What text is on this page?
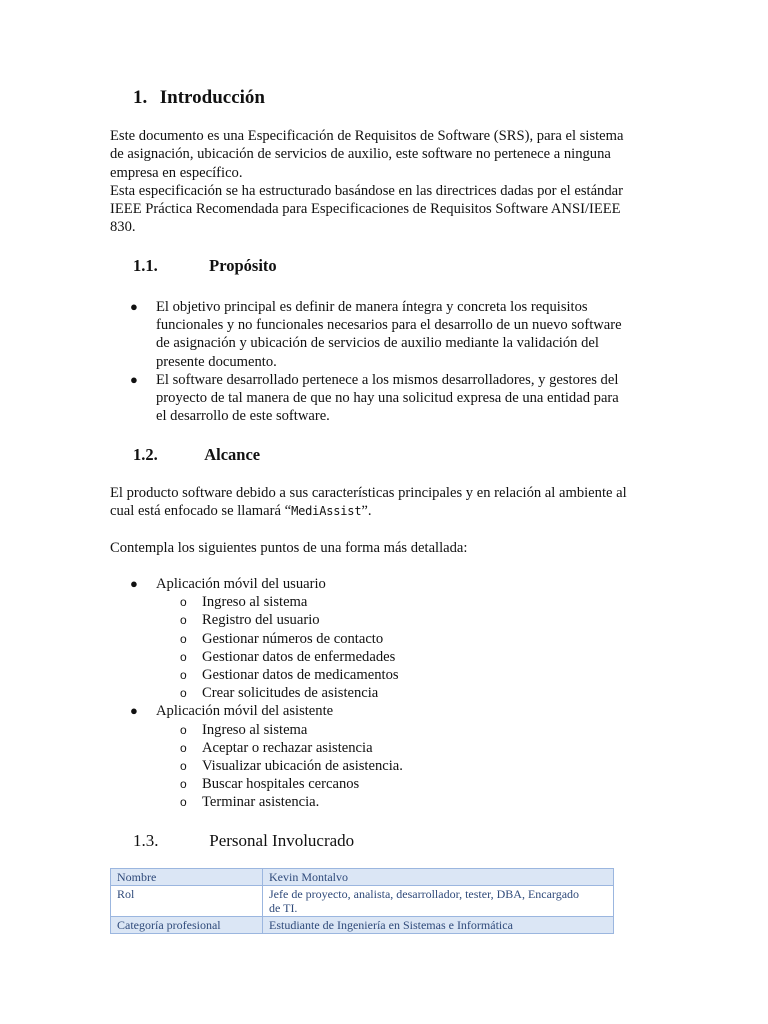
1. Introducción

Este documento es una Especificación de Requisitos de Software (SRS), para el sistema
de asignación, ubicación de servicios de auxilio, este software no pertenece a ninguna
empresa en específico.
Esta especificación se ha estructurado basándose en las directrices dadas por el estándar
IEEE Práctica Recomendada para Especificaciones de Requisitos Software ANSI/IEEE
830.

1.1.	Propósito
● El objetivo principal es definir de manera íntegra y concreta los requisitos
funcionales y no funcionales necesarios para el desarrollo de un nuevo software
de asignación y ubicación de servicios de auxilio mediante la validación del
presente documento.
● El software desarrollado pertenece a los mismos desarrolladores, y gestores del
proyecto de tal manera de que no hay una solicitud expresa de una entidad para
el desarrollo de este software.
1.2.	Alcance

El producto software debido a sus características principales y en relación al ambiente al
cual está enfocado se llamará “MediAssist”.

Contempla los siguientes puntos de una forma más detallada:

● Aplicación móvil del usuario
o Ingreso al sistema
o Registro del usuario
o Gestionar números de contacto
o Gestionar datos de enfermedades
o Gestionar datos de medicamentos
o Crear solicitudes de asistencia
● Aplicación móvil del asistente
o Ingreso al sistema
o Aceptar o rechazar asistencia
o Visualizar ubicación de asistencia.
o Buscar hospitales cercanos
o Terminar asistencia.
1.3.	Personal Involucrado
Nombre	Kevin Montalvo
Rol	Jefe de proyecto, analista, desarrollador, tester, DBA, Encargado
de TI.
Categoría profesional	Estudiante de Ingeniería en Sistemas e Informática
